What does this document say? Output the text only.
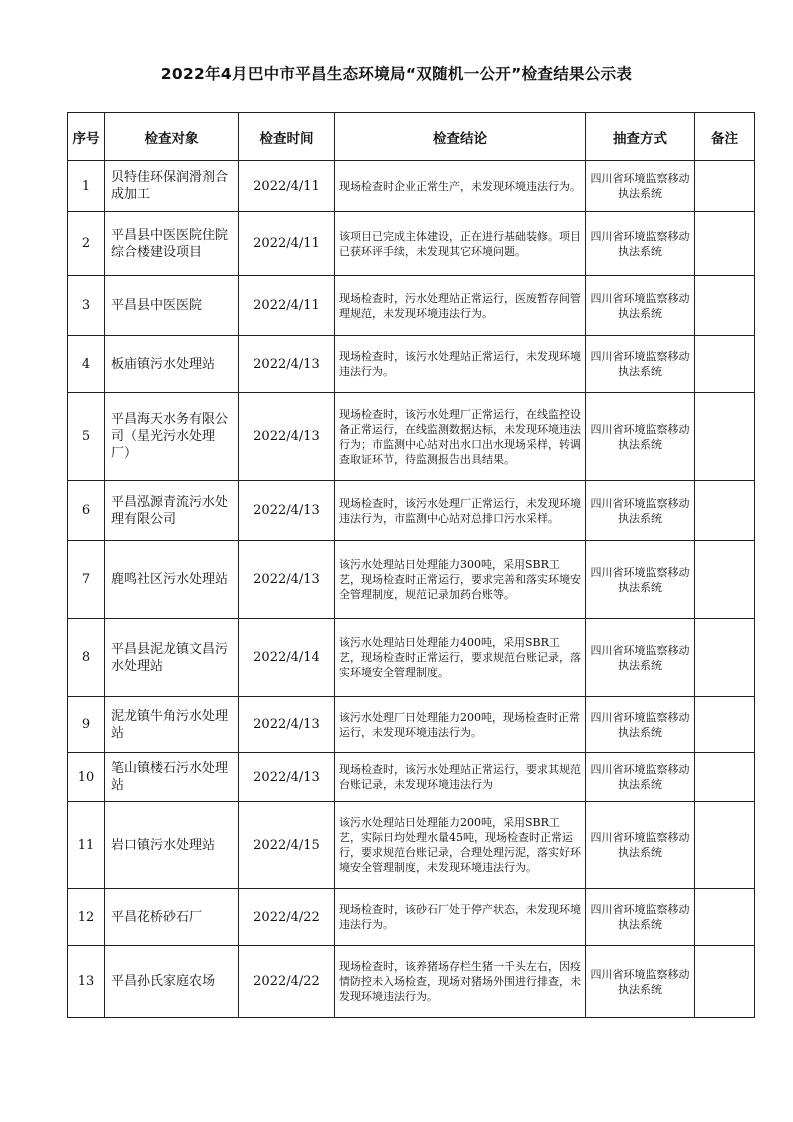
2022年4月巴中市平昌生态环境局“双随机一公开”检查结果公示表
序号	检查对象	检查时间	检查结论	抽查方式	备注
1	贝特佳环保润滑剂合成加工	2022/4/11	现场检查时企业正常生产，未发现环境违法行为。	四川省环境监察移动执法系统	
2	平昌县中医医院住院综合楼建设项目	2022/4/11	该项目已完成主体建设，正在进行基础装修。项目已获环评手续，未发现其它环境问题。	四川省环境监察移动执法系统	
3	平昌县中医医院	2022/4/11	现场检查时，污水处理站正常运行，医废暂存间管理规范，未发现环境违法行为。	四川省环境监察移动执法系统	
4	板庙镇污水处理站	2022/4/13	现场检查时，该污水处理站正常运行，未发现环境违法行为。	四川省环境监察移动执法系统	
5	平昌海天水务有限公司（星光污水处理厂）	2022/4/13	现场检查时，该污水处理厂正常运行，在线监控设备正常运行，在线监测数据达标，未发现环境违法行为；市监测中心站对出水口出水现场采样，转调查取证环节，待监测报告出具结果。	四川省环境监察移动执法系统	
6	平昌泓源青流污水处理有限公司	2022/4/13	现场检查时，该污水处理厂正常运行，未发现环境违法行为，市监测中心站对总排口污水采样。	四川省环境监察移动执法系统	
7	鹿鸣社区污水处理站	2022/4/13	该污水处理站日处理能力300吨，采用SBR工艺，现场检查时正常运行，要求完善和落实环境安全管理制度，规范记录加药台账等。	四川省环境监察移动执法系统	
8	平昌县泥龙镇文昌污水处理站	2022/4/14	该污水处理站日处理能力400吨，采用SBR工艺，现场检查时正常运行，要求规范台账记录，落实环境安全管理制度。	四川省环境监察移动执法系统	
9	泥龙镇牛角污水处理站	2022/4/13	该污水处理厂日处理能力200吨，现场检查时正常运行，未发现环境违法行为。	四川省环境监察移动执法系统	
10	笔山镇楼石污水处理站	2022/4/13	现场检查时，该污水处理站正常运行，要求其规范台账记录，未发现环境违法行为	四川省环境监察移动执法系统	
11	岩口镇污水处理站	2022/4/15	该污水处理站日处理能力200吨，采用SBR工艺，实际日均处理水量45吨，现场检查时正常运行，要求规范台账记录，合理处理污泥，落实好环境安全管理制度，未发现环境违法行为。	四川省环境监察移动执法系统	
12	平昌花桥砂石厂	2022/4/22	现场检查时，该砂石厂处于停产状态，未发现环境违法行为。	四川省环境监察移动执法系统	
13	平昌孙氏家庭农场	2022/4/22	现场检查时，该养猪场存栏生猪一千头左右，因疫情防控未入场检查，现场对猪场外围进行排查，未发现环境违法行为。	四川省环境监察移动执法系统	
